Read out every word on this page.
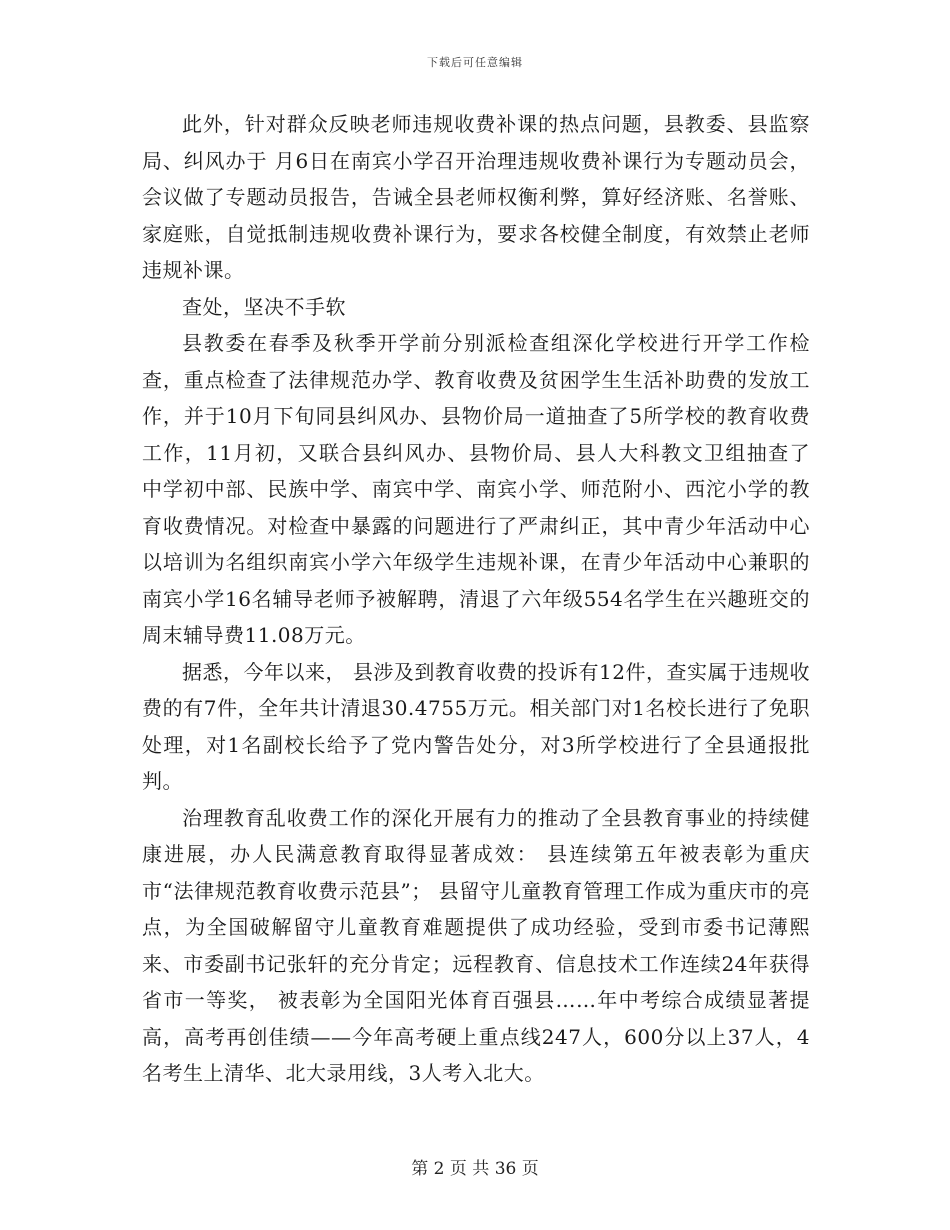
下载后可任意编辑

此外，针对群众反映老师违规收费补课的热点问题，县教委、县监察局、纠风办于 月6日在南宾小学召开治理违规收费补课行为专题动员会，会议做了专题动员报告，告诫全县老师权衡利弊，算好经济账、名誉账、家庭账，自觉抵制违规收费补课行为，要求各校健全制度，有效禁止老师违规补课。

查处，坚决不手软

县教委在春季及秋季开学前分别派检查组深化学校进行开学工作检查，重点检查了法律规范办学、教育收费及贫困学生生活补助费的发放工作，并于10月下旬同县纠风办、县物价局一道抽查了5所学校的教育收费工作，11月初，又联合县纠风办、县物价局、县人大科教文卫组抽查了 中学初中部、民族中学、南宾中学、南宾小学、师范附小、西沱小学的教育收费情况。对检查中暴露的问题进行了严肃纠正，其中青少年活动中心以培训为名组织南宾小学六年级学生违规补课，在青少年活动中心兼职的南宾小学16名辅导老师予被解聘，清退了六年级554名学生在兴趣班交的周末辅导费11.08万元。

据悉，今年以来， 县涉及到教育收费的投诉有12件，查实属于违规收费的有7件，全年共计清退30.4755万元。相关部门对1名校长进行了免职处理，对1名副校长给予了党内警告处分，对3所学校进行了全县通报批判。

治理教育乱收费工作的深化开展有力的推动了全县教育事业的持续健康进展，办人民满意教育取得显著成效： 县连续第五年被表彰为重庆市“法律规范教育收费示范县”； 县留守儿童教育管理工作成为重庆市的亮点，为全国破解留守儿童教育难题提供了成功经验，受到市委书记薄熙来、市委副书记张轩的充分肯定；远程教育、信息技术工作连续24年获得省市一等奖， 被表彰为全国阳光体育百强县……年中考综合成绩显著提高，高考再创佳绩——今年高考硬上重点线247人，600分以上37人，4名考生上清华、北大录用线，3人考入北大。

第 2 页 共 36 页
